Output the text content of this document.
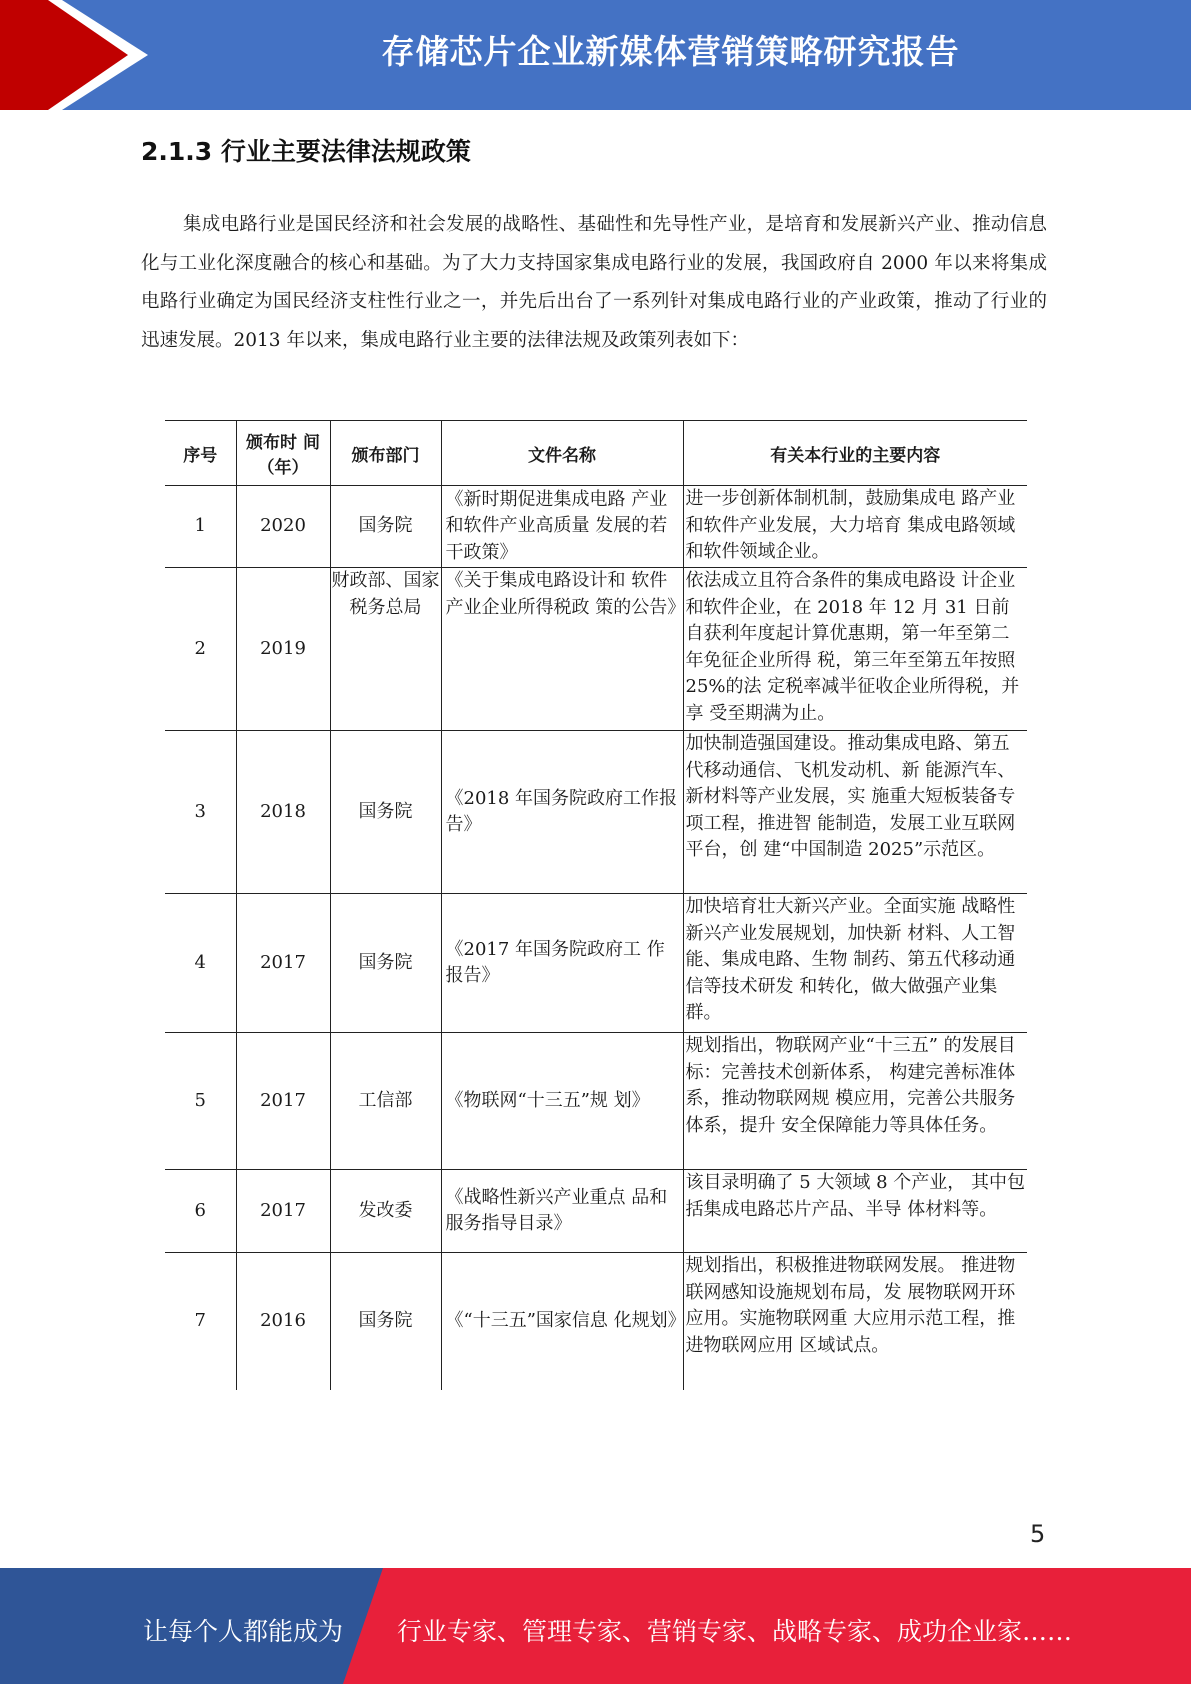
存储芯片企业新媒体营销策略研究报告
2.1.3 行业主要法律法规政策

集成电路行业是国民经济和社会发展的战略性、基础性和先导性产业，是培育和发展新兴产业、推动信息化与工业化深度融合的核心和基础。为了大力支持国家集成电路行业的发展，我国政府自 2000 年以来将集成电路行业确定为国民经济支柱性行业之一，并先后出台了一系列针对集成电路行业的产业政策，推动了行业的迅速发展。2013 年以来，集成电路行业主要的法律法规及政策列表如下：

序号	颁布时 间（年）	颁布部门	文件名称	有关本行业的主要内容
1	2020	国务院	《新时期促进集成电路 产业和软件产业高质量 发展的若干政策》	进一步创新体制机制，鼓励集成电 路产业和软件产业发展，大力培育 集成电路领域和软件领域企业。
2	2019	财政部、国家税务总局	《关于集成电路设计和 软件产业企业所得税政 策的公告》	依法成立且符合条件的集成电路设 计企业和软件企业，在 2018 年 12 月 31 日前自获利年度起计算优惠期，第一年至第二年免征企业所得 税，第三年至第五年按照 25%的法 定税率减半征收企业所得税，并享 受至期满为止。
3	2018	国务院	《2018 年国务院政府工作报告》	加快制造强国建设。推动集成电路、第五代移动通信、飞机发动机、新 能源汽车、新材料等产业发展，实 施重大短板装备专项工程，推进智 能制造，发展工业互联网平台，创 建“中国制造 2025”示范区。
4	2017	国务院	《2017 年国务院政府工 作报告》	加快培育壮大新兴产业。全面实施 战略性新兴产业发展规划，加快新 材料、人工智能、集成电路、生物 制药、第五代移动通信等技术研发 和转化，做大做强产业集群。
5	2017	工信部	《物联网“十三五”规 划》	规划指出，物联网产业“十三五” 的发展目标：完善技术创新体系， 构建完善标准体系，推动物联网规 模应用，完善公共服务体系，提升 安全保障能力等具体任务。
6	2017	发改委	《战略性新兴产业重点 品和服务指导目录》	该目录明确了 5 大领域 8 个产业， 其中包括集成电路芯片产品、半导 体材料等。
7	2016	国务院	《“十三五”国家信息 化规划》	规划指出，积极推进物联网发展。 推进物联网感知设施规划布局，发 展物联网开环应用。实施物联网重 大应用示范工程，推进物联网应用 区域试点。
5
让每个人都能成为 行业专家、管理专家、营销专家、战略专家、成功企业家……
